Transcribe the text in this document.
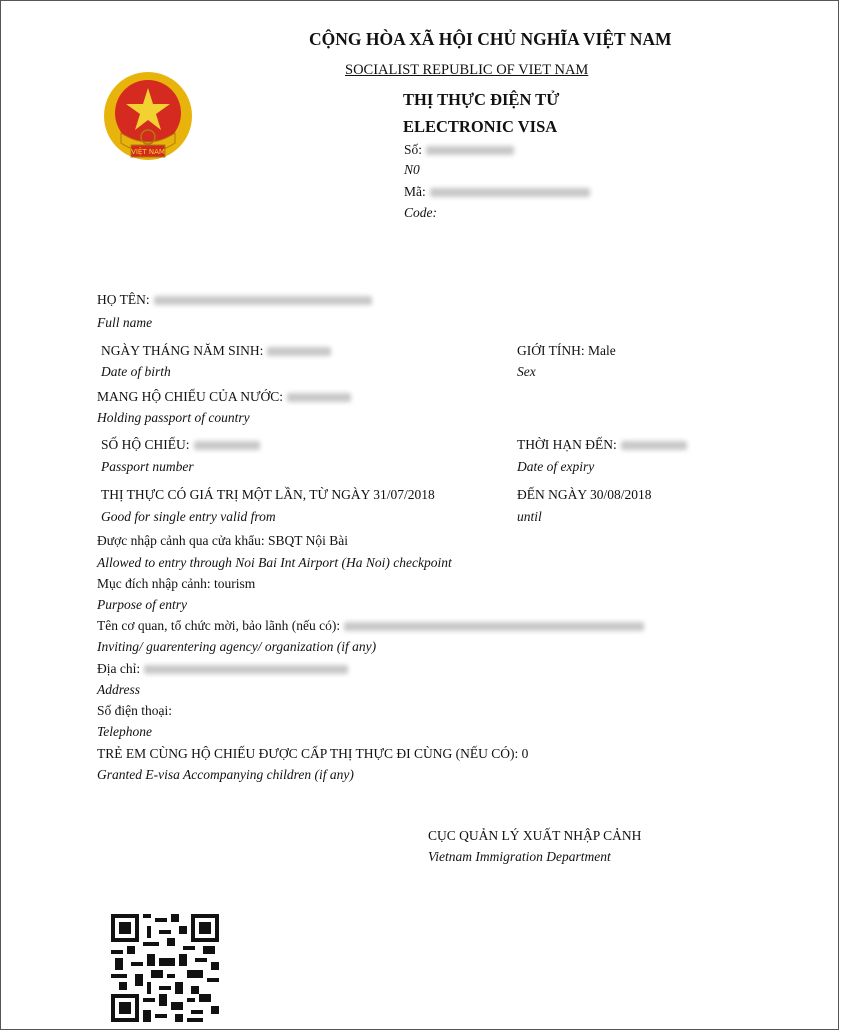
VIỆT NAM
CỘNG HÒA XÃ HỘI CHỦ NGHĨA VIỆT NAM
SOCIALIST REPUBLIC OF VIET NAM
THỊ THỰC ĐIỆN TỬ
ELECTRONIC VISA
Số:
N0
Mã:
Code:
HỌ TÊN:
Full name
NGÀY THÁNG NĂM SINH:
Date of birth
GIỚI TÍNH: Male
Sex
MANG HỘ CHIẾU CỦA NƯỚC:
Holding passport of country
SỐ HỘ CHIẾU:
Passport number
THỜI HẠN ĐẾN:
Date of expiry
THỊ THỰC CÓ GIÁ TRỊ MỘT LẦN, TỪ NGÀY 31/07/2018
Good for single entry valid from
ĐẾN NGÀY 30/08/2018
until
Được nhập cảnh qua cửa khẩu: SBQT Nội Bài
Allowed to entry through Noi Bai Int Airport (Ha Noi) checkpoint
Mục đích nhập cảnh: tourism
Purpose of entry
Tên cơ quan, tổ chức mời, bảo lãnh (nếu có):
Inviting/ guarentering agency/ organization (if any)
Địa chỉ:
Address
Số điện thoại:
Telephone
TRẺ EM CÙNG HỘ CHIẾU ĐƯỢC CẤP THỊ THỰC ĐI CÙNG (NẾU CÓ): 0
Granted E-visa Accompanying children (if any)
CỤC QUẢN LÝ XUẤT NHẬP CẢNH
Vietnam Immigration Department
